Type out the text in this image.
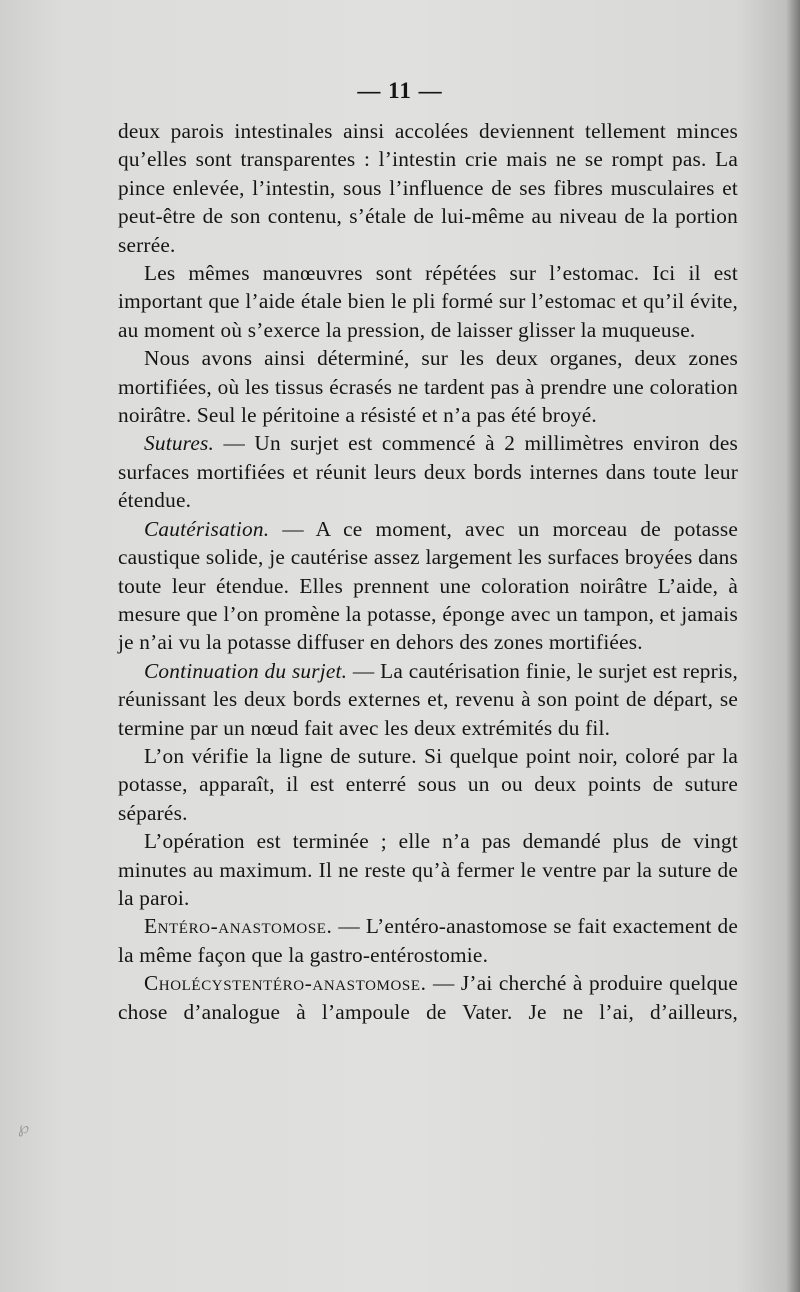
— 11 —

deux parois intestinales ainsi accolées deviennent tellement minces qu’elles sont transparentes : l’intestin crie mais ne se rompt pas. La pince enlevée, l’intestin, sous l’influence de ses fibres musculaires et peut-être de son contenu, s’étale de lui-même au niveau de la portion serrée.

Les mêmes manœuvres sont répétées sur l’estomac. Ici il est important que l’aide étale bien le pli formé sur l’estomac et qu’il évite, au moment où s’exerce la pression, de laisser glisser la muqueuse.

Nous avons ainsi déterminé, sur les deux organes, deux zones mortifiées, où les tissus écrasés ne tardent pas à prendre une coloration noirâtre. Seul le péritoine a résisté et n’a pas été broyé.

Sutures. — Un surjet est commencé à 2 millimètres environ des surfaces mortifiées et réunit leurs deux bords internes dans toute leur étendue.

Cautérisation. — A ce moment, avec un morceau de potasse caustique solide, je cautérise assez largement les surfaces broyées dans toute leur étendue. Elles prennent une coloration noirâtre L’aide, à mesure que l’on promène la potasse, éponge avec un tampon, et jamais je n’ai vu la potasse diffuser en dehors des zones mortifiées.

Continuation du surjet. — La cautérisation finie, le surjet est repris, réunissant les deux bords externes et, revenu à son point de départ, se termine par un nœud fait avec les deux extrémités du fil.

L’on vérifie la ligne de suture. Si quelque point noir, coloré par la potasse, apparaît, il est enterré sous un ou deux points de suture séparés.

L’opération est terminée ; elle n’a pas demandé plus de vingt minutes au maximum. Il ne reste qu’à fermer le ventre par la suture de la paroi.

Entéro-anastomose. — L’entéro-anastomose se fait exactement de la même façon que la gastro-entérostomie.

Cholécystentéro-anastomose. — J’ai cherché à produire quelque chose d’analogue à l’ampoule de Vater. Je ne l’ai, d’ailleurs,

℘
